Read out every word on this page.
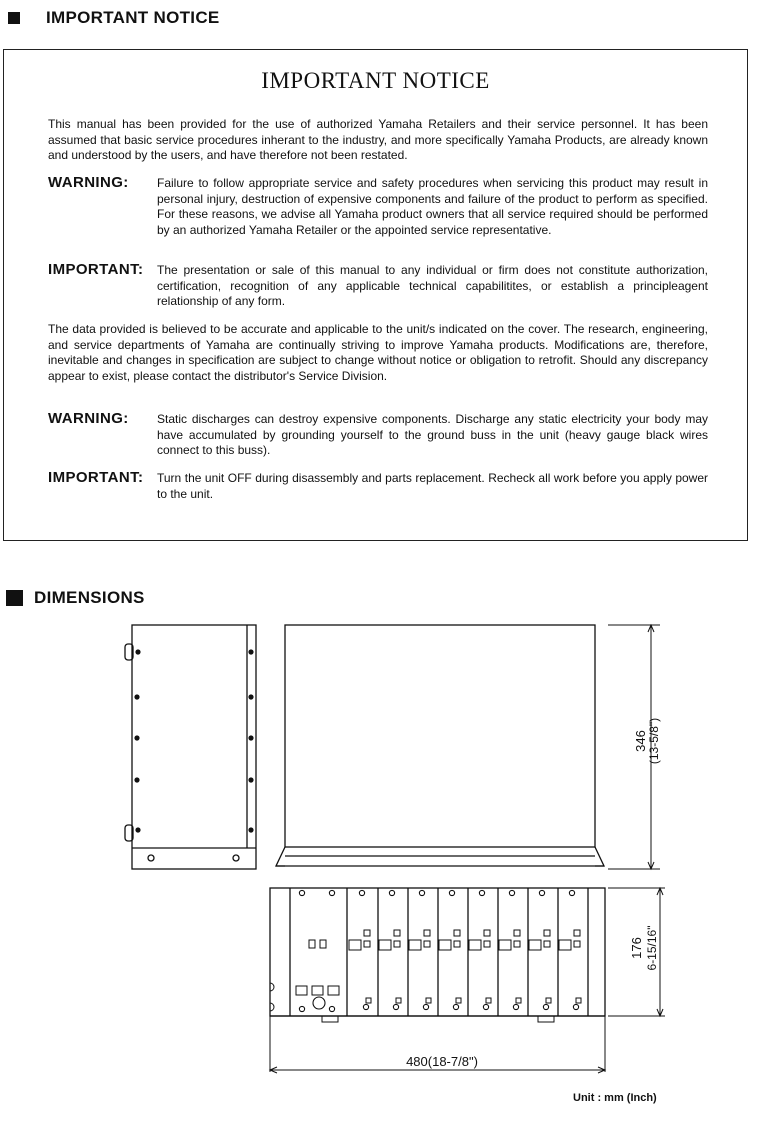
IMPORTANT NOTICE
IMPORTANT NOTICE

This manual has been provided for the use of authorized Yamaha Retailers and their service personnel. It has been assumed that basic service procedures inherant to the industry, and more specifically Yamaha Products, are already known and understood by the users, and have therefore not been restated.

WARNING: Failure to follow appropriate service and safety procedures when servicing this product may result in personal injury, destruction of expensive components and failure of the product to perform as specified. For these reasons, we advise all Yamaha product owners that all service required should be performed by an authorized Yamaha Retailer or the appointed service representative.

IMPORTANT: The presentation or sale of this manual to any individual or firm does not constitute authorization, certification, recognition of any applicable technical capabilitites, or establish a principleagent relationship of any form.

The data provided is believed to be accurate and applicable to the unit/s indicated on the cover. The research, engineering, and service departments of Yamaha are continually striving to improve Yamaha products. Modifications are, therefore, inevitable and changes in specification are subject to change without notice or obligation to retrofit. Should any discrepancy appear to exist, please contact the distributor's Service Division.

WARNING: Static discharges can destroy expensive components. Discharge any static electricity your body may have accumulated by grounding yourself to the ground buss in the unit (heavy gauge black wires connect to this buss).

IMPORTANT: Turn the unit OFF during disassembly and parts replacement. Recheck all work before you apply power to the unit.

DIMENSIONS
346 (13-5/8")
176 6-15/16"
480(18-7/8")
Unit : mm (Inch)
